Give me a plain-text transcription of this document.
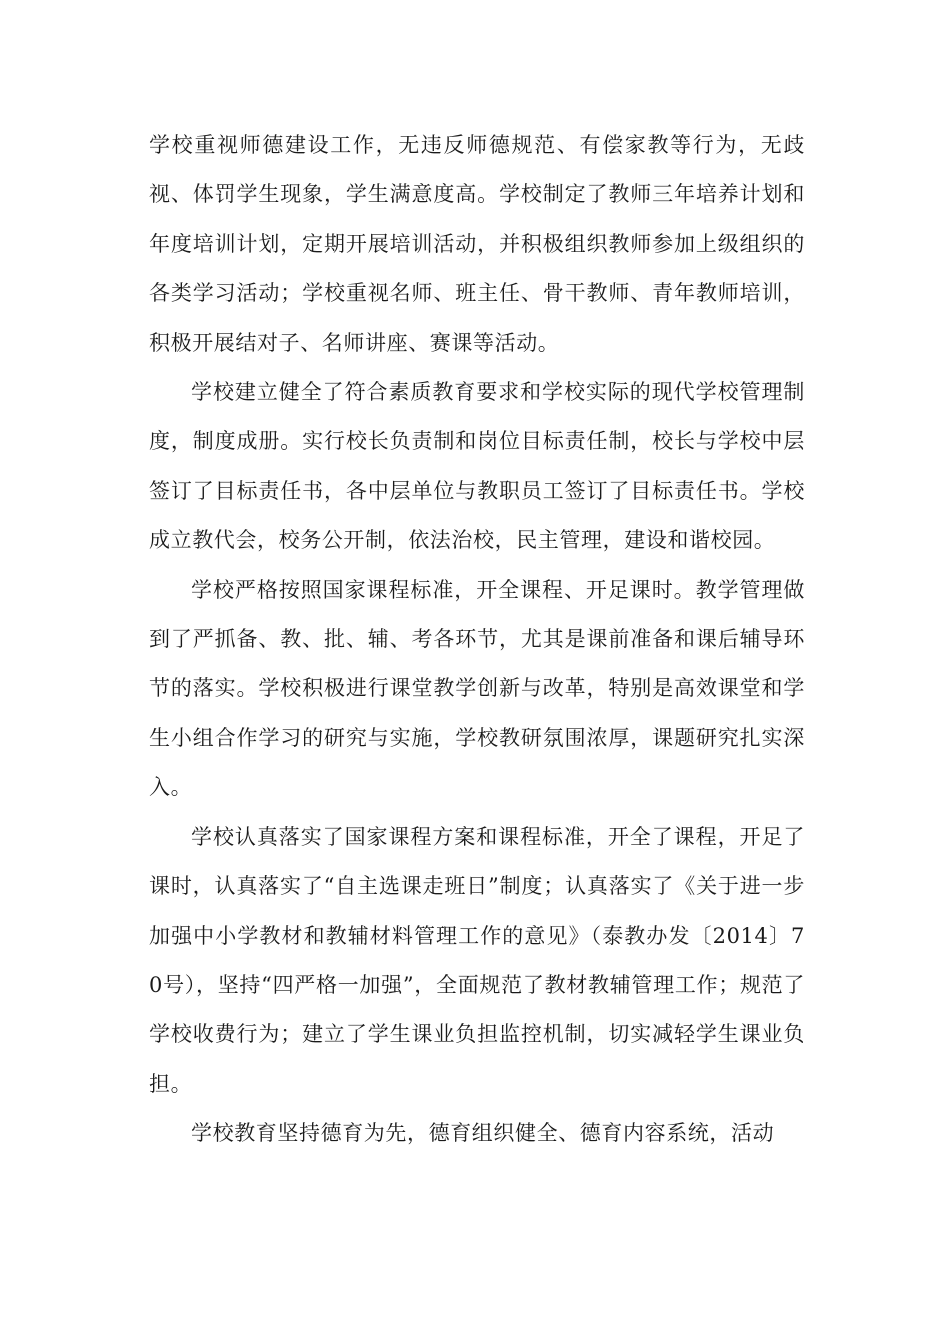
学校重视师德建设工作，无违反师德规范、有偿家教等行为，无歧视、体罚学生现象，学生满意度高。学校制定了教师三年培养计划和年度培训计划，定期开展培训活动，并积极组织教师参加上级组织的各类学习活动；学校重视名师、班主任、骨干教师、青年教师培训，积极开展结对子、名师讲座、赛课等活动。

学校建立健全了符合素质教育要求和学校实际的现代学校管理制度，制度成册。实行校长负责制和岗位目标责任制，校长与学校中层签订了目标责任书，各中层单位与教职员工签订了目标责任书。学校成立教代会，校务公开制，依法治校，民主管理，建设和谐校园。

学校严格按照国家课程标准，开全课程、开足课时。教学管理做到了严抓备、教、批、辅、考各环节，尤其是课前准备和课后辅导环节的落实。学校积极进行课堂教学创新与改革，特别是高效课堂和学生小组合作学习的研究与实施，学校教研氛围浓厚，课题研究扎实深入。

学校认真落实了国家课程方案和课程标准，开全了课程，开足了课时，认真落实了“自主选课走班日”制度；认真落实了《关于进一步加强中小学教材和教辅材料管理工作的意见》（泰教办发〔2014〕70号），坚持“四严格一加强”，全面规范了教材教辅管理工作；规范了学校收费行为；建立了学生课业负担监控机制，切实减轻学生课业负担。

学校教育坚持德育为先，德育组织健全、德育内容系统，活动
